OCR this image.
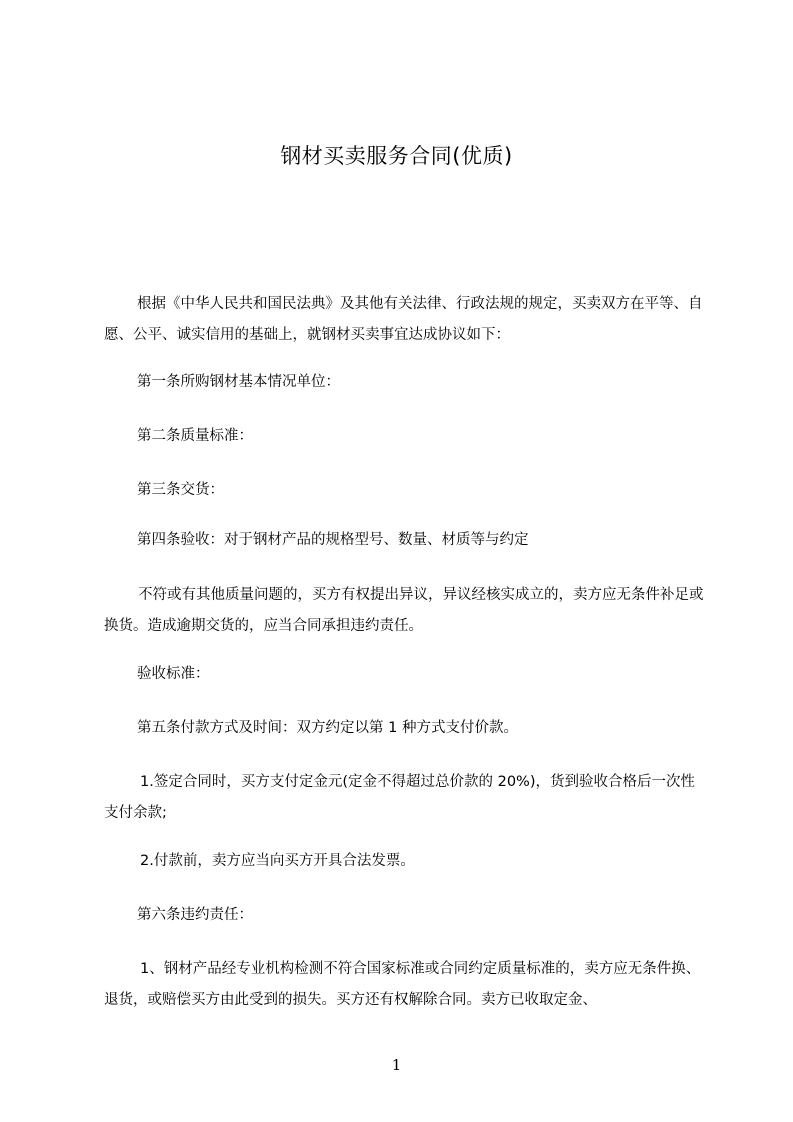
钢材买卖服务合同(优质)

根据《中华人民共和国民法典》及其他有关法律、行政法规的规定，买卖双方在平等、自愿、公平、诚实信用的基础上，就钢材买卖事宜达成协议如下：

第一条所购钢材基本情况单位：

第二条质量标准：

第三条交货：

第四条验收：对于钢材产品的规格型号、数量、材质等与约定

不符或有其他质量问题的，买方有权提出异议，异议经核实成立的，卖方应无条件补足或换货。造成逾期交货的，应当合同承担违约责任。

验收标准：

第五条付款方式及时间：双方约定以第 1 种方式支付价款。

1.签定合同时，买方支付定金元(定金不得超过总价款的 20%)，货到验收合格后一次性支付余款;

2.付款前，卖方应当向买方开具合法发票。

第六条违约责任：

1、钢材产品经专业机构检测不符合国家标准或合同约定质量标准的，卖方应无条件换、退货，或赔偿买方由此受到的损失。买方还有权解除合同。卖方已收取定金、

1
